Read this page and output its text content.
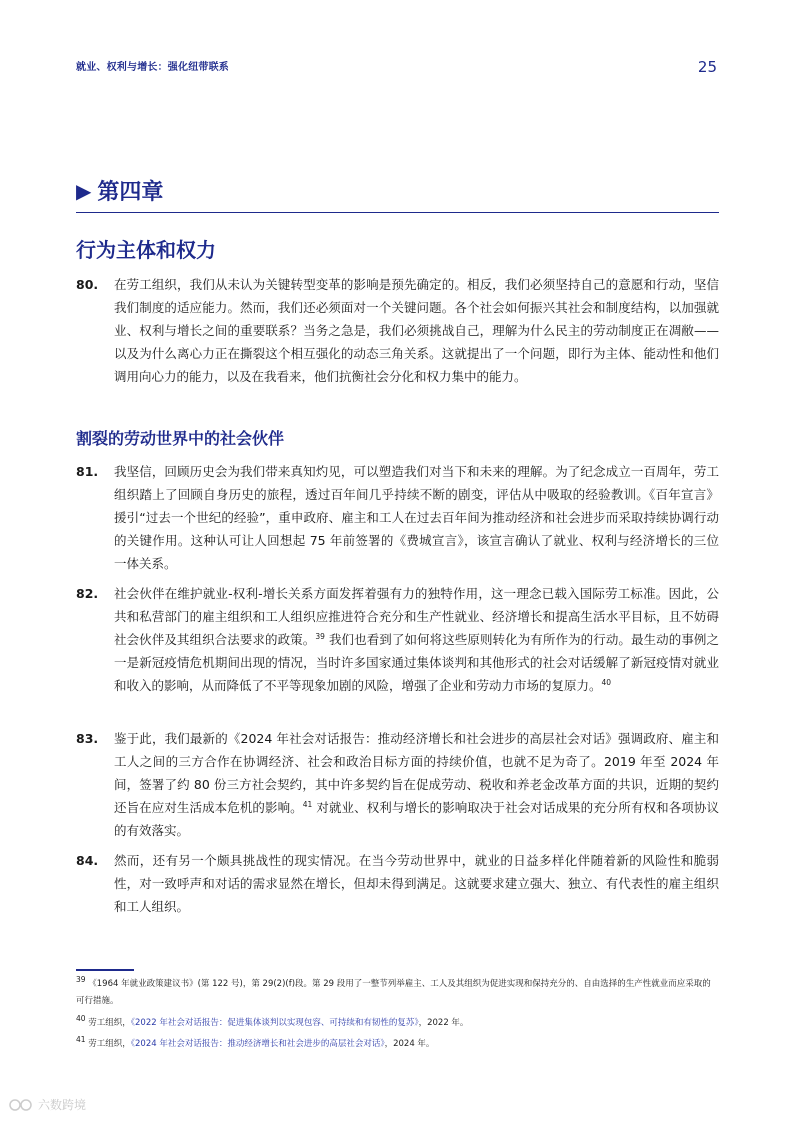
就业、权利与增长：强化纽带联系	25
▶ 第四章
行为主体和权力
80.	在劳工组织，我们从未认为关键转型变革的影响是预先确定的。相反，我们必须坚持自己的意愿和行动，坚信我们制度的适应能力。然而，我们还必须面对一个关键问题。各个社会如何振兴其社会和制度结构，以加强就业、权利与增长之间的重要联系？当务之急是，我们必须挑战自己，理解为什么民主的劳动制度正在凋敝——以及为什么离心力正在撕裂这个相互强化的动态三角关系。这就提出了一个问题，即行为主体、能动性和他们调用向心力的能力，以及在我看来，他们抗衡社会分化和权力集中的能力。
割裂的劳动世界中的社会伙伴
81.	我坚信，回顾历史会为我们带来真知灼见，可以塑造我们对当下和未来的理解。为了纪念成立一百周年，劳工组织踏上了回顾自身历史的旅程，透过百年间几乎持续不断的剧变，评估从中吸取的经验教训。《百年宣言》援引“过去一个世纪的经验”，重申政府、雇主和工人在过去百年间为推动经济和社会进步而采取持续协调行动的关键作用。这种认可让人回想起 75 年前签署的《费城宣言》，该宣言确认了就业、权利与经济增长的三位一体关系。
82.	社会伙伴在维护就业-权利-增长关系方面发挥着强有力的独特作用，这一理念已载入国际劳工标准。因此，公共和私营部门的雇主组织和工人组织应推进符合充分和生产性就业、经济增长和提高生活水平目标，且不妨碍社会伙伴及其组织合法要求的政策。$^{39}$ 我们也看到了如何将这些原则转化为有所作为的行动。最生动的事例之一是新冠疫情危机期间出现的情况，当时许多国家通过集体谈判和其他形式的社会对话缓解了新冠疫情对就业和收入的影响，从而降低了不平等现象加剧的风险，增强了企业和劳动力市场的复原力。$^{40}$
83.	鉴于此，我们最新的《2024 年社会对话报告：推动经济增长和社会进步的高层社会对话》强调政府、雇主和工人之间的三方合作在协调经济、社会和政治目标方面的持续价值，也就不足为奇了。2019 年至 2024 年间，签署了约 80 份三方社会契约，其中许多契约旨在促成劳动、税收和养老金改革方面的共识，近期的契约还旨在应对生活成本危机的影响。$^{41}$ 对就业、权利与增长的影响取决于社会对话成果的充分所有权和各项协议的有效落实。
84.	然而，还有另一个颇具挑战性的现实情况。在当今劳动世界中，就业的日益多样化伴随着新的风险性和脆弱性，对一致呼声和对话的需求显然在增长，但却未得到满足。这就要求建立强大、独立、有代表性的雇主组织和工人组织。
$^{39}$ 《1964 年就业政策建议书》(第 122 号)，第 29(2)(f)段。第 29 段用了一整节列举雇主、工人及其组织为促进实现和保持充分的、自由选择的生产性就业而应采取的可行措施。
$^{40}$ 劳工组织，《2022 年社会对话报告：促进集体谈判以实现包容、可持续和有韧性的复苏》，2022 年。
$^{41}$ 劳工组织，《2024 年社会对话报告：推动经济增长和社会进步的高层社会对话》，2024 年。
六数跨境
